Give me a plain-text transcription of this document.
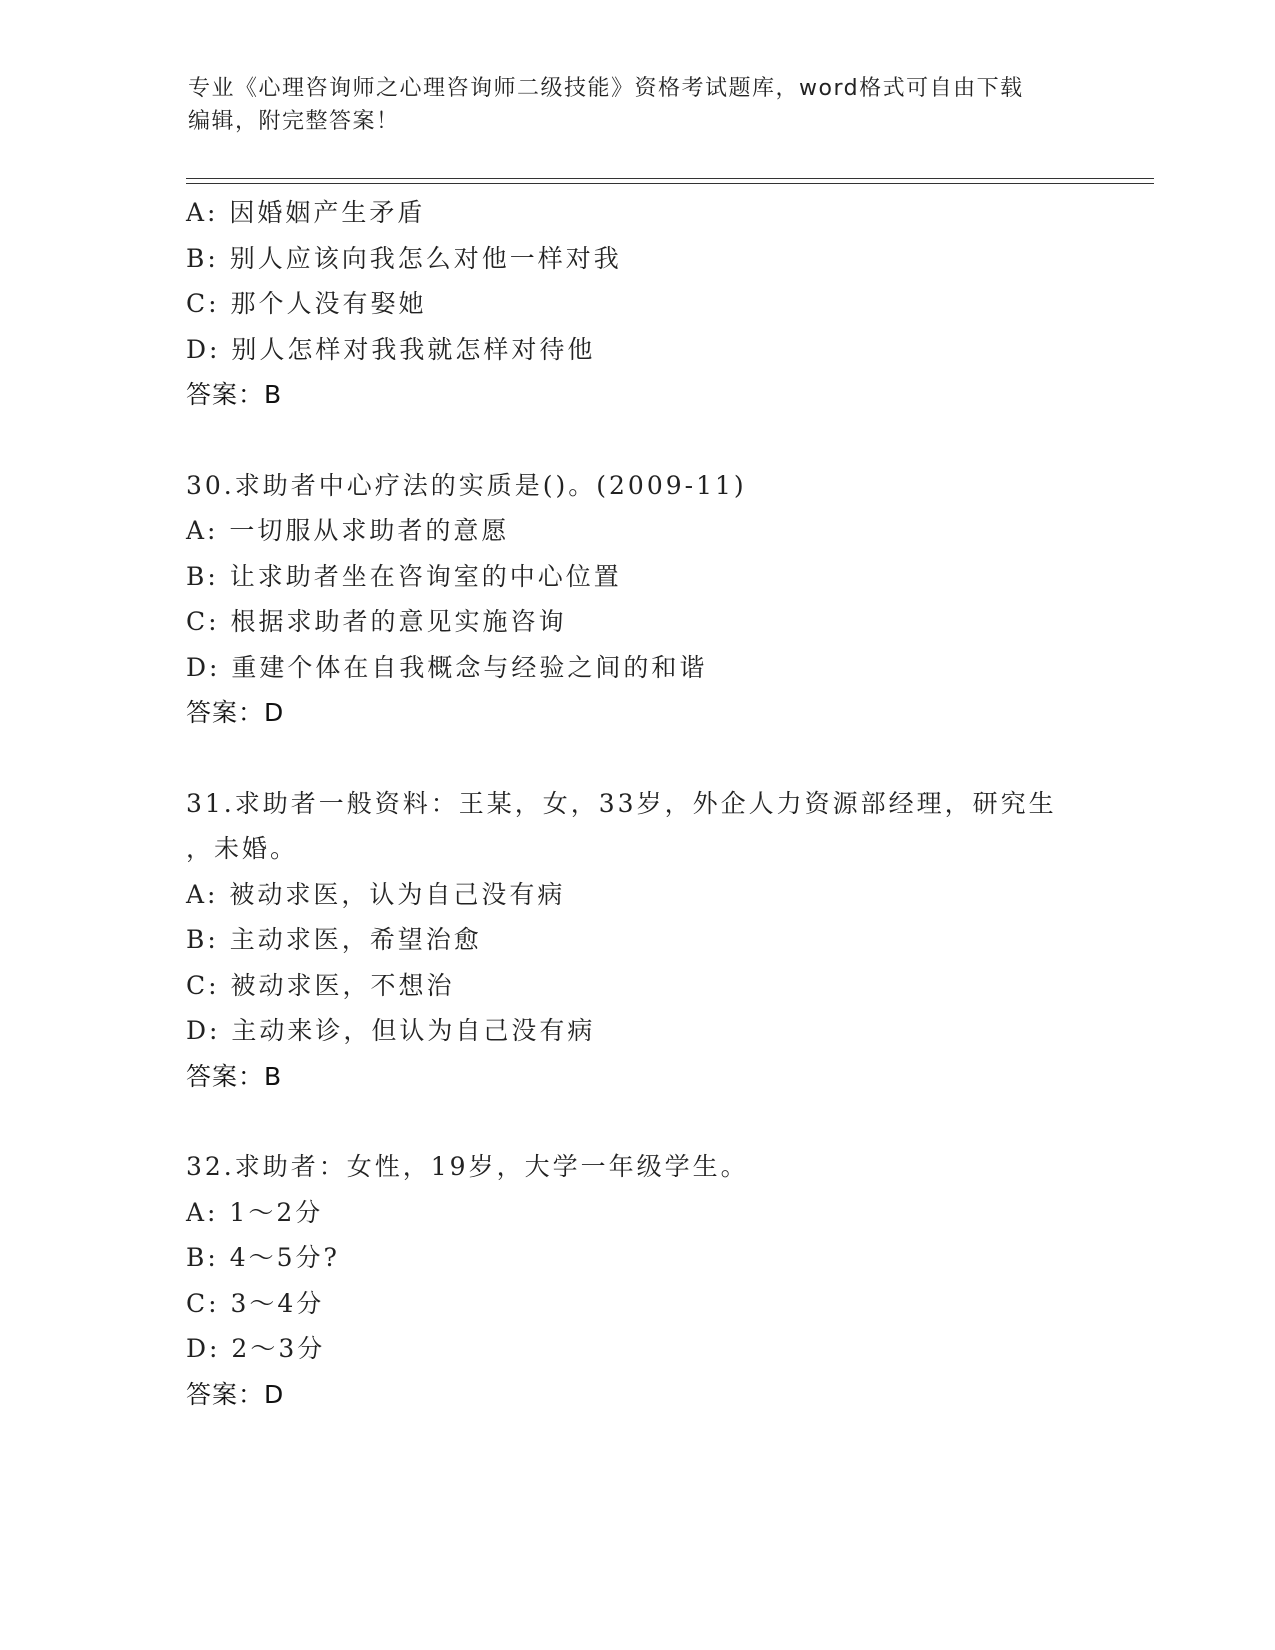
专业《心理咨询师之心理咨询师二级技能》资格考试题库，word格式可自由下载
编辑，附完整答案！
A: 因婚姻产生矛盾
B: 别人应该向我怎么对他一样对我
C: 那个人没有娶她
D: 别人怎样对我我就怎样对待他
答案：B
30.求助者中心疗法的实质是()。(2009-11)
A: 一切服从求助者的意愿
B: 让求助者坐在咨询室的中心位置
C: 根据求助者的意见实施咨询
D: 重建个体在自我概念与经验之间的和谐
答案：D
31.求助者一般资料：王某，女，33岁，外企人力资源部经理，研究生
，未婚。
A: 被动求医，认为自己没有病
B: 主动求医，希望治愈
C: 被动求医，不想治
D: 主动来诊，但认为自己没有病
答案：B
32.求助者：女性，19岁，大学一年级学生。
A: 1～2分
B: 4～5分?
C: 3～4分
D: 2～3分
答案：D
